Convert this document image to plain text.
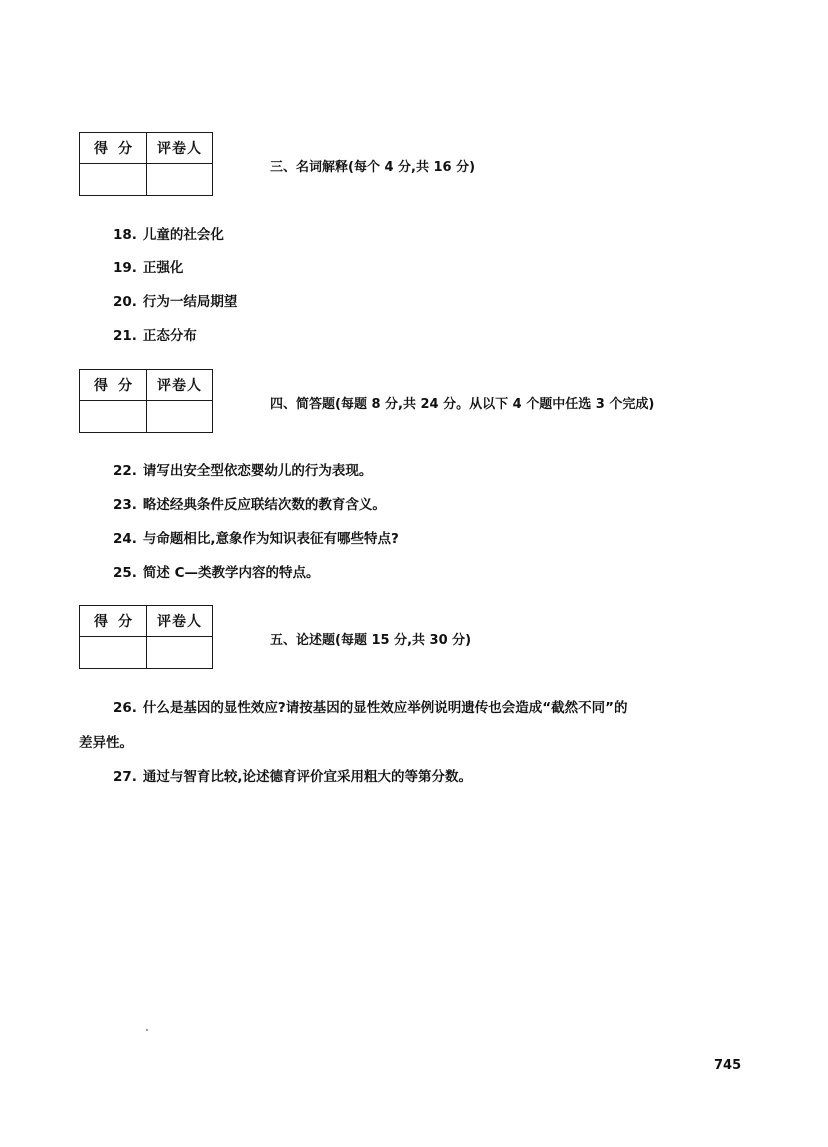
得分 评卷人
三、名词解释(每个 4 分,共 16 分)
18. 儿童的社会化
19. 正强化
20. 行为一结局期望
21. 正态分布
得分 评卷人
四、简答题(每题 8 分,共 24 分。从以下 4 个题中任选 3 个完成)
22. 请写出安全型依恋婴幼儿的行为表现。
23. 略述经典条件反应联结次数的教育含义。
24. 与命题相比,意象作为知识表征有哪些特点?
25. 简述 C—类教学内容的特点。
得分 评卷人
五、论述题(每题 15 分,共 30 分)
26. 什么是基因的显性效应?请按基因的显性效应举例说明遗传也会造成“截然不同”的
差异性。
27. 通过与智育比较,论述德育评价宜采用粗大的等第分数。
745
